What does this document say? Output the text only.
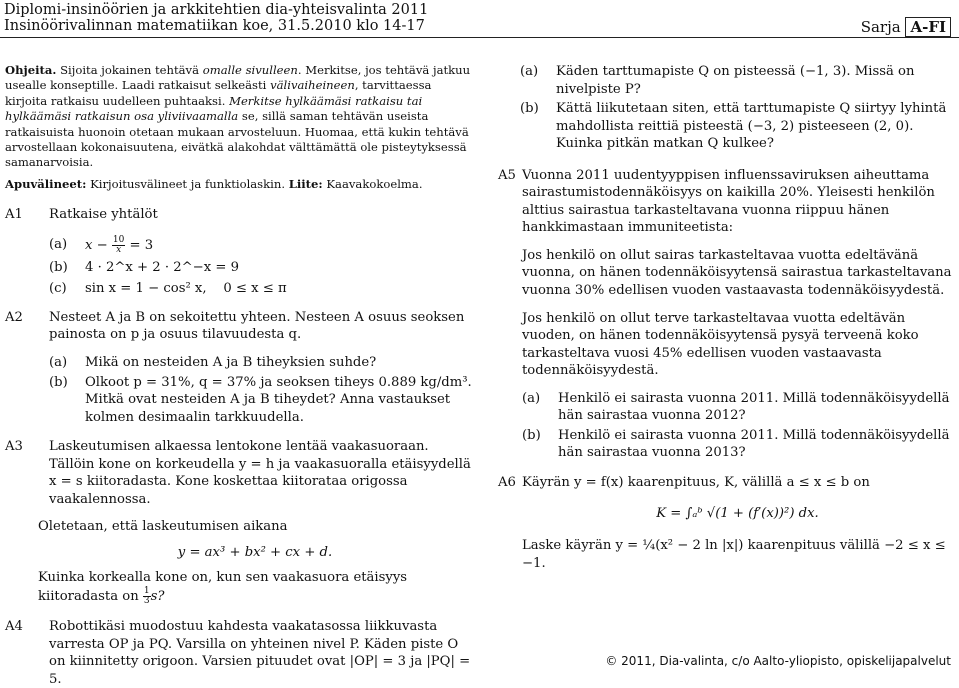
Diplomi-insinöörien ja arkkitehtien dia-yhteisvalinta 2011
Insinöörivalinnan matematiikan koe, 31.5.2010 klo 14-17	Sarja A-FI

Ohjeita. Sijoita jokainen tehtävä omalle sivulleen. Merkitse, jos tehtävä jatkuu usealle konseptille. Laadi ratkaisut selkeästi välivaiheineen, tarvittaessa kirjoita ratkaisu uudelleen puhtaaksi. Merkitse hylkäämäsi ratkaisu tai hylkäämäsi ratkaisun osa yliviivaamalla se, sillä saman tehtävän useista ratkaisuista huonoin otetaan mukaan arvosteluun. Huomaa, että kukin tehtävä arvostellaan kokonaisuutena, eivätkä alakohdat välttämättä ole pisteytyksessä samanarvoisia.

Apuvälineet: Kirjoitusvälineet ja funktiolaskin. Liite: Kaavakokoelma.

A1 Ratkaise yhtälöt
(a) $x - \frac{10}{x} = 3$
(b) 4 · 2^x + 2 · 2^−x = 9
(c) sin x = 1 − cos² x,    0 ≤ x ≤ π
A2 Nesteet A ja B on sekoitettu yhteen. Nesteen A osuus seoksen painosta on p ja osuus tilavuudesta q.
(a) Mikä on nesteiden A ja B tiheyksien suhde?
(b) Olkoot p = 31%, q = 37% ja seoksen tiheys 0.889 kg/dm³. Mitkä ovat nesteiden A ja B tiheydet? Anna vastaukset kolmen desimaalin tarkkuudella.
A3 Laskeutumisen alkaessa lentokone lentää vaakasuoraan. Tällöin kone on korkeudella y = h ja vaakasuoralla etäisyydellä x = s kiitoradasta. Kone koskettaa kiitorataa origossa vaakalennossa.
Oletetaan, että laskeutumisen aikana
y = ax³ + bx² + cx + d.
Kuinka korkealla kone on, kun sen vaakasuora etäisyys kiitoradasta on $\frac{1}{3} s$?
A4 Robottikäsi muodostuu kahdesta vaakatasossa liikkuvasta varresta OP ja PQ. Varsilla on yhteinen nivel P. Käden piste O on kiinnitetty origoon. Varsien pituudet ovat |OP| = 3 ja |PQ| = 5.
(a) Käden tarttumapiste Q on pisteessä (−1, 3). Missä on nivelpiste P?
(b) Kättä liikutetaan siten, että tarttumapiste Q siirtyy lyhintä mahdollista reittiä pisteestä (−3, 2) pisteeseen (2, 0). Kuinka pitkän matkan Q kulkee?
A5 Vuonna 2011 uudentyyppisen influenssaviruksen aiheuttama sairastumistodennäköisyys on kaikilla 20%. Yleisesti henkilön alttius sairastua tarkasteltavana vuonna riippuu hänen hankkimastaan immuniteetista:
Jos henkilö on ollut sairas tarkasteltavaa vuotta edeltävänä vuonna, on hänen todennäköisyytensä sairastua tarkasteltavana vuonna 30% edellisen vuoden vastaavasta todennäköisyydestä.
Jos henkilö on ollut terve tarkasteltavaa vuotta edeltävän vuoden, on hänen todennäköisyytensä pysyä terveenä koko tarkasteltava vuosi 45% edellisen vuoden vastaavasta todennäköisyydestä.
(a) Henkilö ei sairasta vuonna 2011. Millä todennäköisyydellä hän sairastaa vuonna 2012?
(b) Henkilö ei sairasta vuonna 2011. Millä todennäköisyydellä hän sairastaa vuonna 2013?
A6 Käyrän y = f(x) kaarenpituus, K, välillä a ≤ x ≤ b on
K = ∫ₐᵇ √(1 + (f′(x))²) dx.
Laske käyrän y = ¼(x² − 2 ln |x|) kaarenpituus välillä −2 ≤ x ≤ −1.
© 2011, Dia-valinta, c/o Aalto-yliopisto, opiskelijapalvelut
